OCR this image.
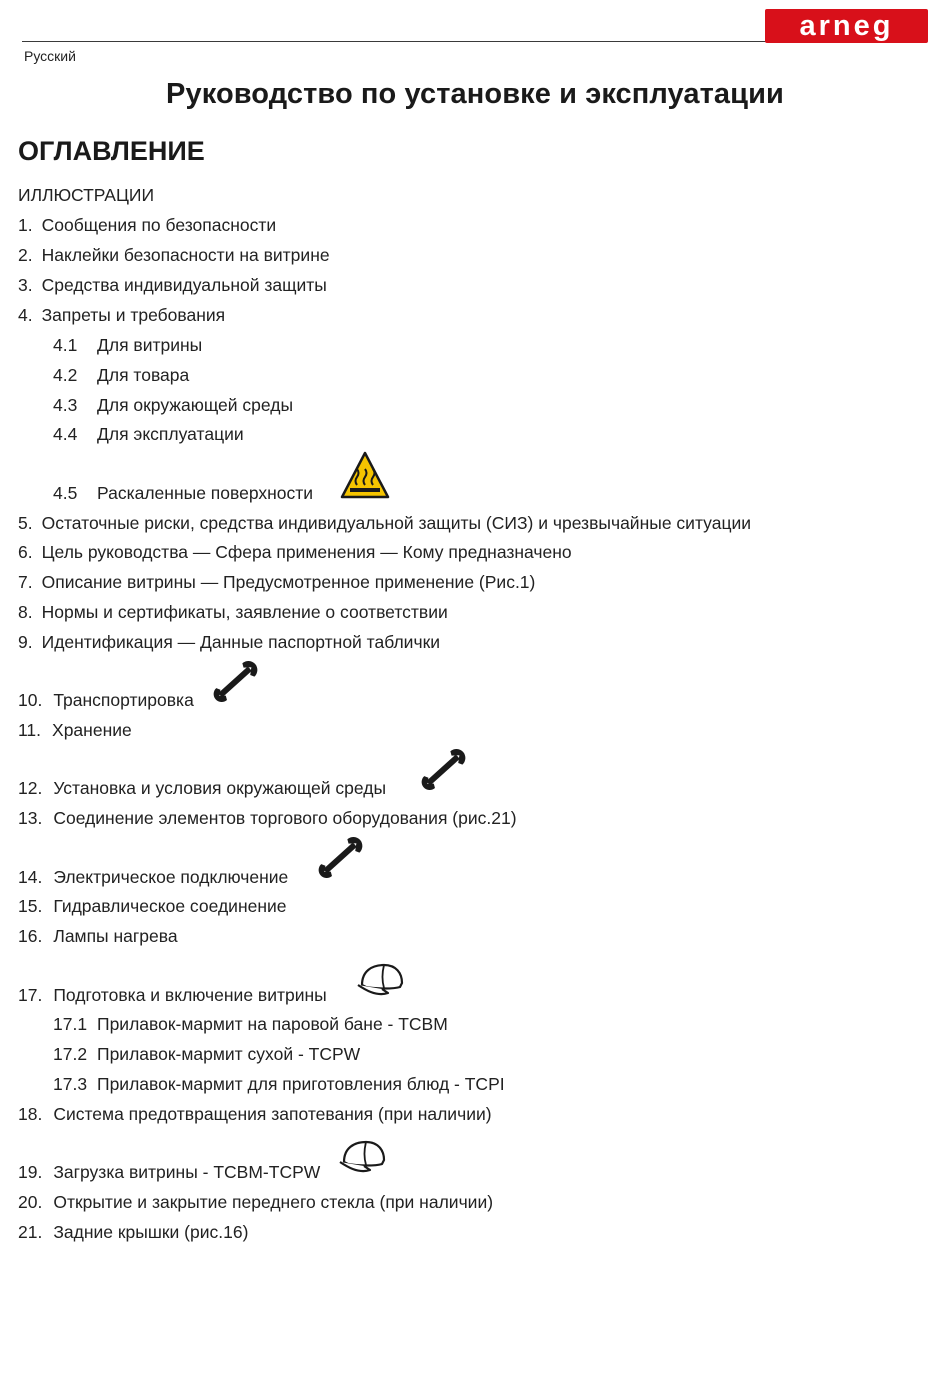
arneg
Русский
Руководство по установке и эксплуатации
ОГЛАВЛЕНИЕ
ИЛЛЮСТРАЦИИ
1. Сообщения по безопасности
2. Наклейки безопасности на витрине
3. Средства индивидуальной защиты
4. Запреты и требования
4.1 Для витрины
4.2 Для товара
4.3 Для окружающей среды
4.4 Для эксплуатации
4.5 Раскаленные поверхности
5. Остаточные риски, средства индивидуальной защиты (СИЗ) и чрезвычайные ситуации
6. Цель руководства — Сфера применения — Кому предназначено
7. Описание витрины — Предусмотренное применение (Рис.1)
8. Нормы и сертификаты, заявление о соответствии
9. Идентификация — Данные паспортной таблички
10. Транспортировка
11. Хранение
12. Установка и условия окружающей среды
13. Соединение элементов торгового оборудования (рис.21)
14. Электрическое подключение
15. Гидравлическое соединение
16. Лампы нагрева
17. Подготовка и включение витрины
17.1 Прилавок-мармит на паровой бане - TCBM
17.2 Прилавок-мармит сухой - TCPW
17.3 Прилавок-мармит для приготовления блюд - TCPI
18. Система предотвращения запотевания (при наличии)
19. Загрузка витрины - TCBM-TCPW
20. Открытие и закрытие переднего стекла (при наличии)
21. Задние крышки (рис.16)
